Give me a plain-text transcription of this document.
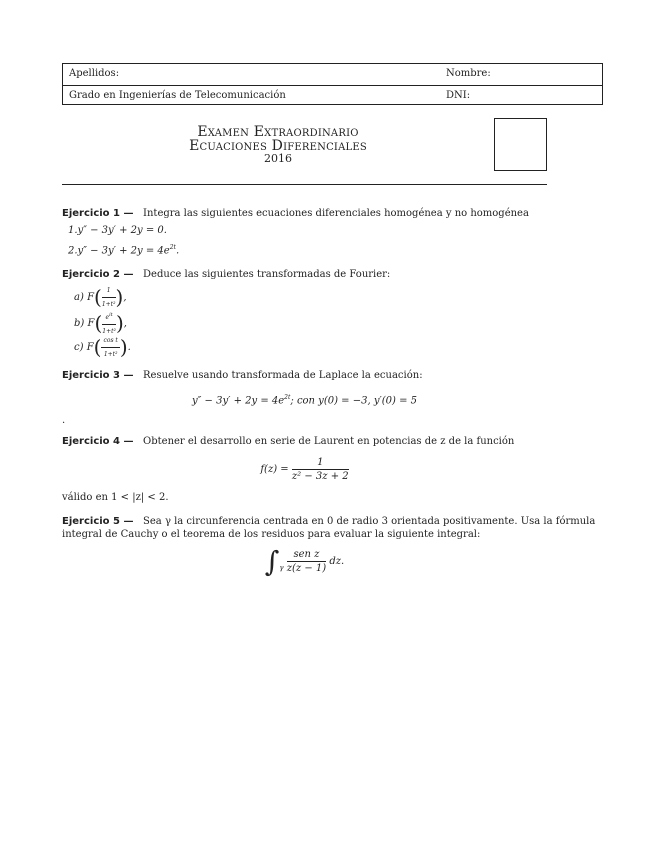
Apellidos:	Nombre:
Grado en Ingenierías de Telecomunicación	DNI:
Examen Extraordinario
Ecuaciones Diferenciales
2016
Ejercicio 1 — Integra las siguientes ecuaciones diferenciales homogénea y no homogénea
1.y″ − 3y′ + 2y = 0.
$2.y'' - 3y' + 2y = 4e^{2t}$.
Ejercicio 2 — Deduce las siguientes transformadas de Fourier:
a) $F( \frac{1}{\text{1+t²}}$ ),
b) $F( \frac{e^{it}}{\text{1+t²}}$ ),
c) $F( \frac{\text{cos t}}{\text{1+t²}}$ ).
Ejercicio 3 — Resuelve usando transformada de Laplace la ecuación:
$y'' - 3y' + 2y = 4e^{2t}$; con y(0) = −3, y′(0) = 5
.
Ejercicio 4 — Obtener el desarrollo en serie de Laurent en potencias de z de la función
$f(z) = \frac{1}{\text{z² − 3z + 2}}$
válido en 1 < |z| < 2.
Ejercicio 5 — Sea γ la circunferencia centrada en 0 de radio 3 orientada positivamente. Usa la fórmula
integral de Cauchy o el teorema de los residuos para evaluar la siguiente integral:
$\int_\gamma \frac{\text{sen z}}{z(z - 1)}$ dz.
